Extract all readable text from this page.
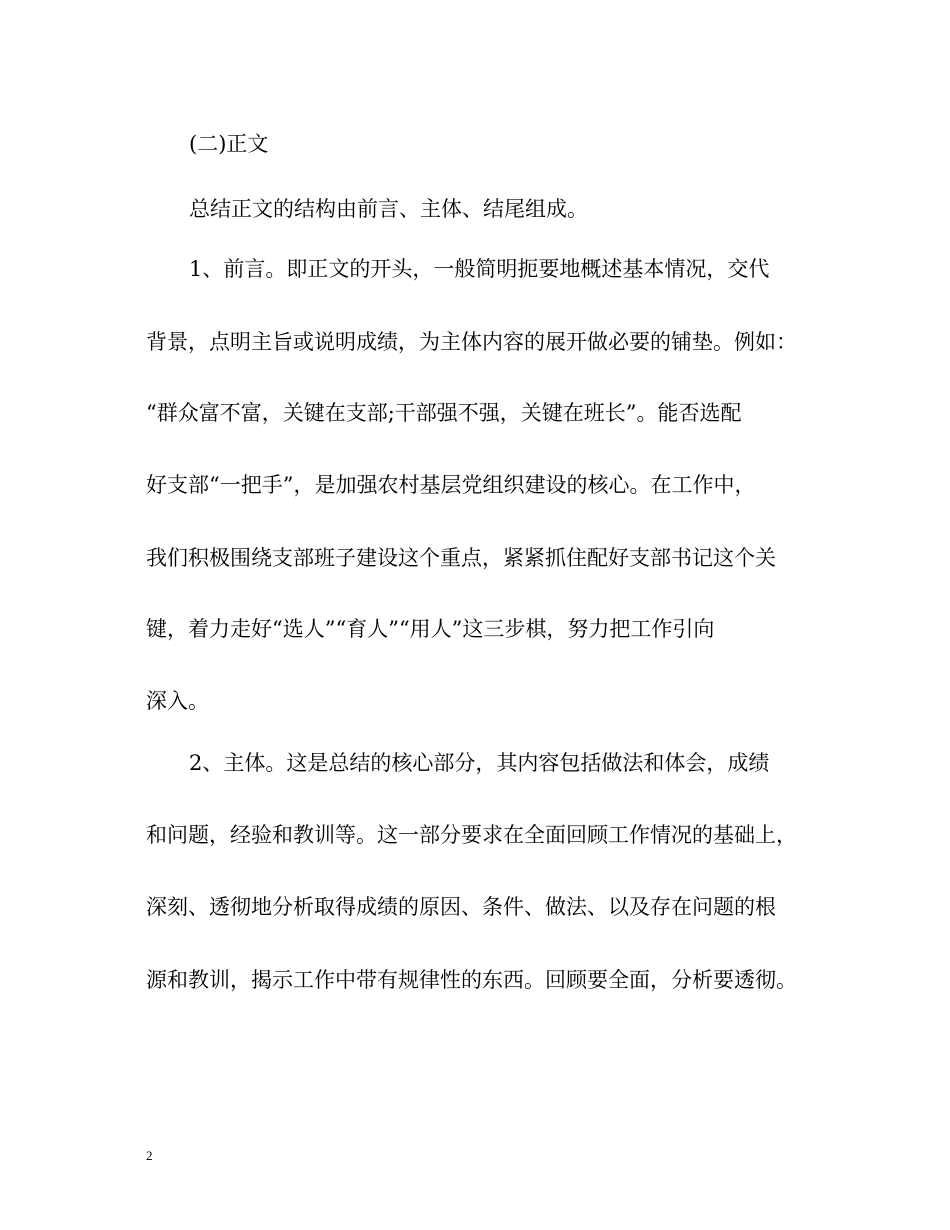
(二)正文
总结正文的结构由前言、主体、结尾组成。
1、前言。即正文的开头，一般简明扼要地概述基本情况，交代
背景，点明主旨或说明成绩，为主体内容的展开做必要的铺垫。例如：
“群众富不富，关键在支部;干部强不强，关键在班长”。能否选配
好支部“一把手”，是加强农村基层党组织建设的核心。在工作中，
我们积极围绕支部班子建设这个重点，紧紧抓住配好支部书记这个关
键，着力走好“选人”“育人”“用人”这三步棋，努力把工作引向
深入。
2、主体。这是总结的核心部分，其内容包括做法和体会，成绩
和问题，经验和教训等。这一部分要求在全面回顾工作情况的基础上，
深刻、透彻地分析取得成绩的原因、条件、做法、以及存在问题的根
源和教训，揭示工作中带有规律性的东西。回顾要全面，分析要透彻。
2
